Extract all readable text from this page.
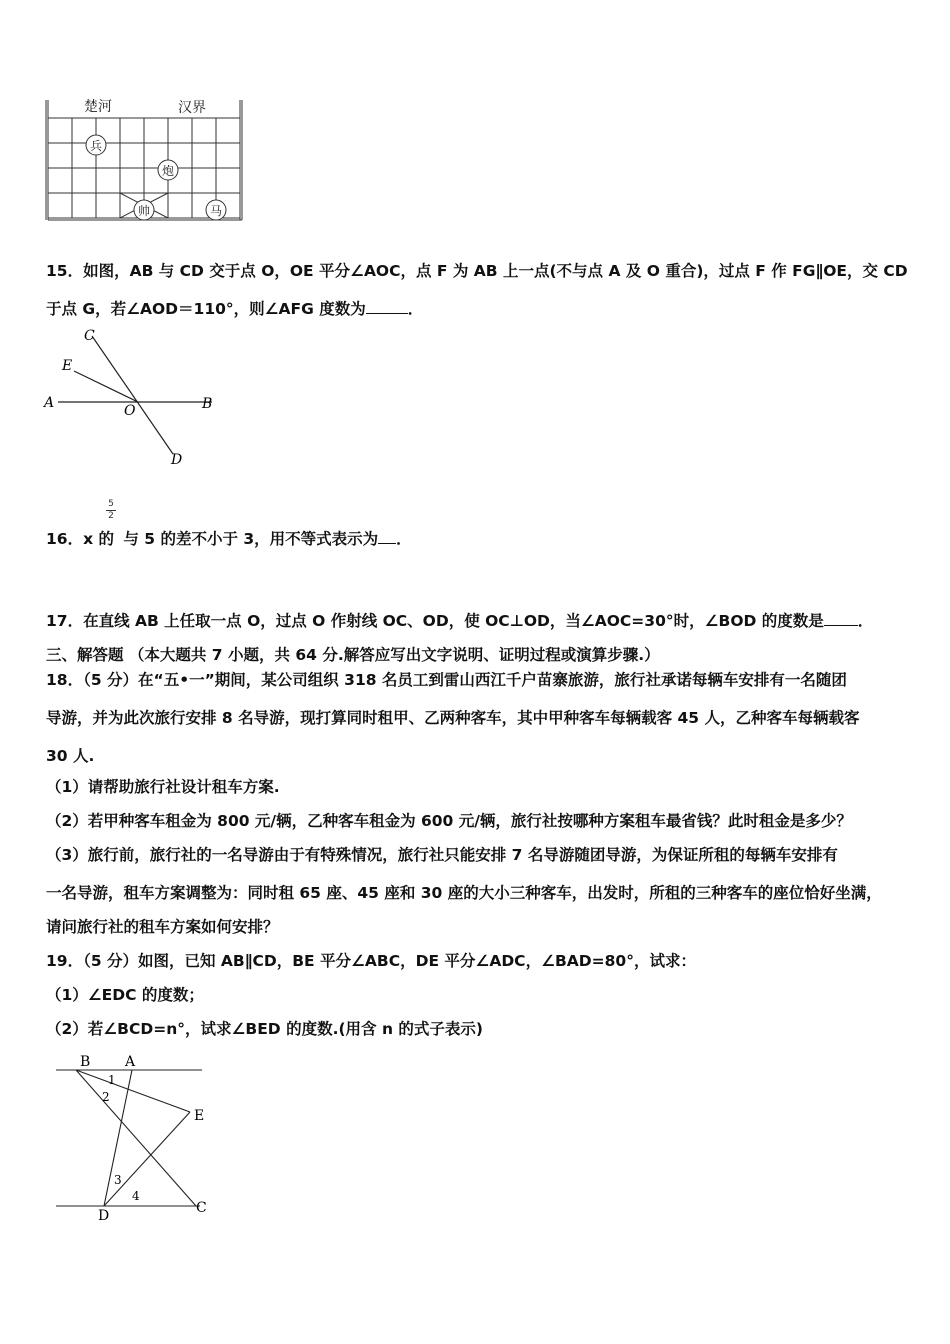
楚河	汉界
兵
炮
帅	马
15．如图，AB 与 CD 交于点 O，OE 平分∠AOC，点 F 为 AB 上一点(不与点 A 及 O 重合)，过点 F 作 FG∥OE，交 CD
于点 G，若∠AOD＝110°，则∠AFG 度数为	．
C
E
A	O	B
D
5
2
16．x 的 与 5 的差不小于 3，用不等式表示为 ．
17．在直线 AB 上任取一点 O，过点 O 作射线 OC、OD，使 OC⊥OD，当∠AOC=30°时，∠BOD 的度数是 ．
三、解答题 （本大题共 7 小题，共 64 分.解答应写出文字说明、证明过程或演算步骤.）
18．（5 分）在“五•一”期间，某公司组织 318 名员工到雷山西江千户苗寨旅游，旅行社承诺每辆车安排有一名随团
导游，并为此次旅行安排 8 名导游，现打算同时租甲、乙两种客车，其中甲种客车每辆载客 45 人，乙种客车每辆载客
30 人.
（1）请帮助旅行社设计租车方案.
（2）若甲种客车租金为 800 元/辆，乙种客车租金为 600 元/辆，旅行社按哪种方案租车最省钱？此时租金是多少？
（3）旅行前，旅行社的一名导游由于有特殊情况，旅行社只能安排 7 名导游随团导游，为保证所租的每辆车安排有
一名导游，租车方案调整为：同时租 65 座、45 座和 30 座的大小三种客车，出发时，所租的三种客车的座位恰好坐满，
请问旅行社的租车方案如何安排？
19．（5 分）如图，已知 AB∥CD，BE 平分∠ABC，DE 平分∠ADC，∠BAD=80°，试求：
（1）∠EDC 的度数；
（2）若∠BCD=n°，试求∠BED 的度数.(用含 n 的式子表示)
B A
1
2
E
3
4
D	C
